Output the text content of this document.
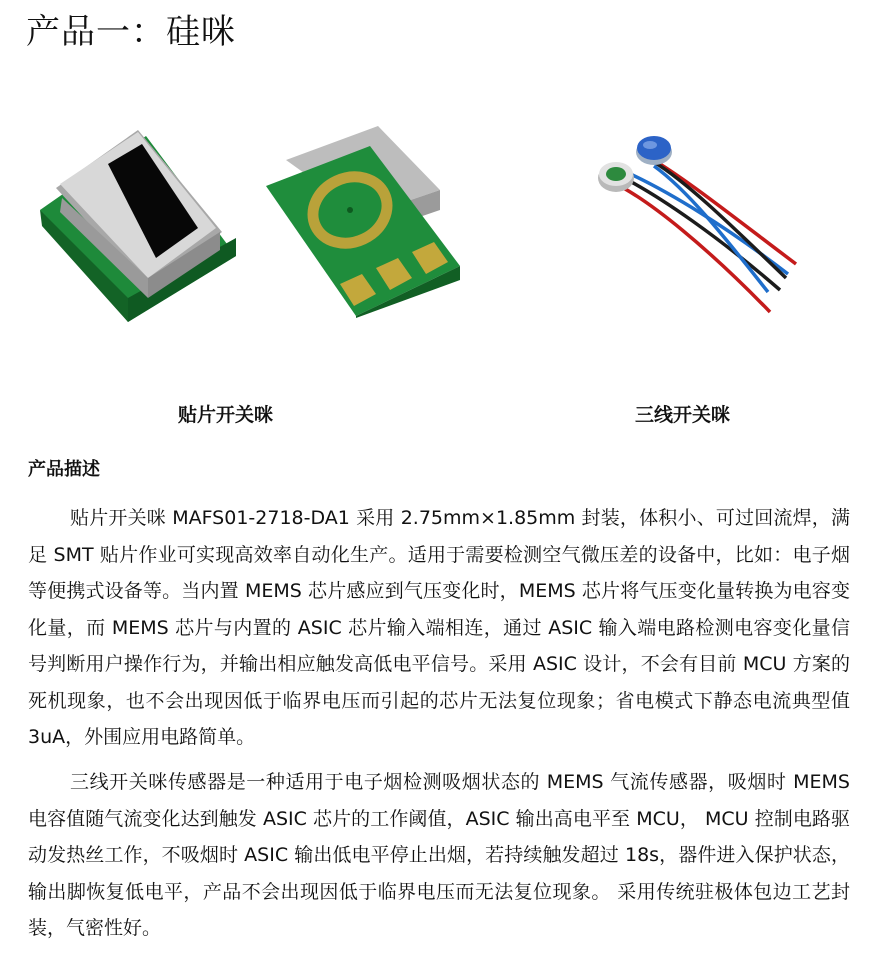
产品一：硅咪
贴片开关咪	三线开关咪
产品描述

贴片开关咪 MAFS01-2718-DA1 采用 2.75mm×1.85mm 封装，体积小、可过回流焊，满足 SMT 贴片作业可实现高效率自动化生产。适用于需要检测空气微压差的设备中，比如：电子烟等便携式设备等。当内置 MEMS 芯片感应到气压变化时，MEMS 芯片将气压变化量转换为电容变化量，而 MEMS 芯片与内置的 ASIC 芯片输入端相连，通过 ASIC 输入端电路检测电容变化量信号判断用户操作行为，并输出相应触发高低电平信号。采用 ASIC 设计，不会有目前 MCU 方案的死机现象，也不会出现因低于临界电压而引起的芯片无法复位现象；省电模式下静态电流典型值 3uA，外围应用电路简单。

三线开关咪传感器是一种适用于电子烟检测吸烟状态的 MEMS 气流传感器，吸烟时 MEMS 电容值随气流变化达到触发 ASIC 芯片的工作阈值，ASIC 输出高电平至 MCU， MCU 控制电路驱动发热丝工作，不吸烟时 ASIC 输出低电平停止出烟，若持续触发超过 18s，器件进入保护状态，输出脚恢复低电平，产品不会出现因低于临界电压而无法复位现象。 采用传统驻极体包边工艺封装，气密性好。
